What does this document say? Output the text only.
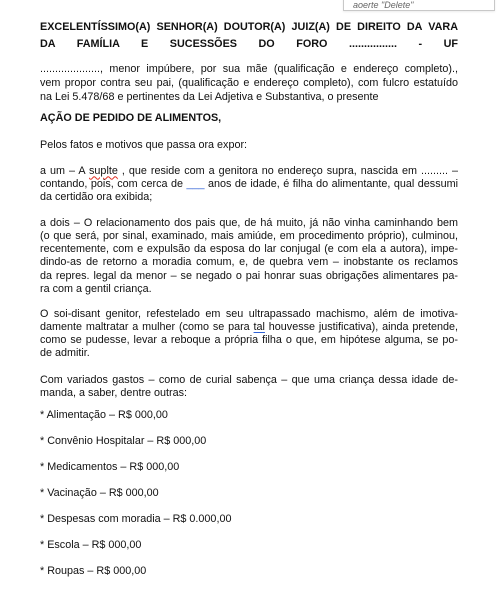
aoerte "Delete"
EXCELENTÍSSIMO(A) SENHOR(A) DOUTOR(A) JUIZ(A) DE DIREITO DA VARA
DA FAMÍLIA E SUCESSÕES DO FORO ................ - UF
...................., menor impúbere, por sua mãe (qualificação e endereço completo).,
vem propor contra seu pai, (qualificação e endereço completo), com fulcro estatuído
na Lei 5.478/68 e pertinentes da Lei Adjetiva e Substantiva, o presente
AÇÃO DE PEDIDO DE ALIMENTOS,
Pelos fatos e motivos que passa ora expor:
a um – A suplte , que reside com a genitora no endereço supra, nascida em ......... –
contando, pois, com cerca de ___ anos de idade, é filha do alimentante, qual dessumi
da certidão ora exibida;
a dois – O relacionamento dos pais que, de há muito, já não vinha caminhando bem
(o que será, por sinal, examinado, mais amiúde, em procedimento próprio), culminou,
recentemente, com e expulsão da esposa do lar conjugal (e com ela a autora), impe-
dindo-as de retorno a moradia comum, e, de quebra vem – inobstante os reclamos
da repres. legal da menor – se negado o pai honrar suas obrigações alimentares pa-
ra com a gentil criança.
O soi-disant genitor, refestelado em seu ultrapassado machismo, além de imotiva-
damente maltratar a mulher (como se para tal houvesse justificativa), ainda pretende,
como se pudesse, levar a reboque a própria filha o que, em hipótese alguma, se po-
de admitir.
Com variados gastos – como de curial sabença – que uma criança dessa idade de-
manda, a saber, dentre outras:
* Alimentação – R$ 000,00
* Convênio Hospitalar – R$ 000,00
* Medicamentos – R$ 000,00
* Vacinação – R$ 000,00
* Despesas com moradia – R$ 0.000,00
* Escola – R$ 000,00
* Roupas – R$ 000,00
